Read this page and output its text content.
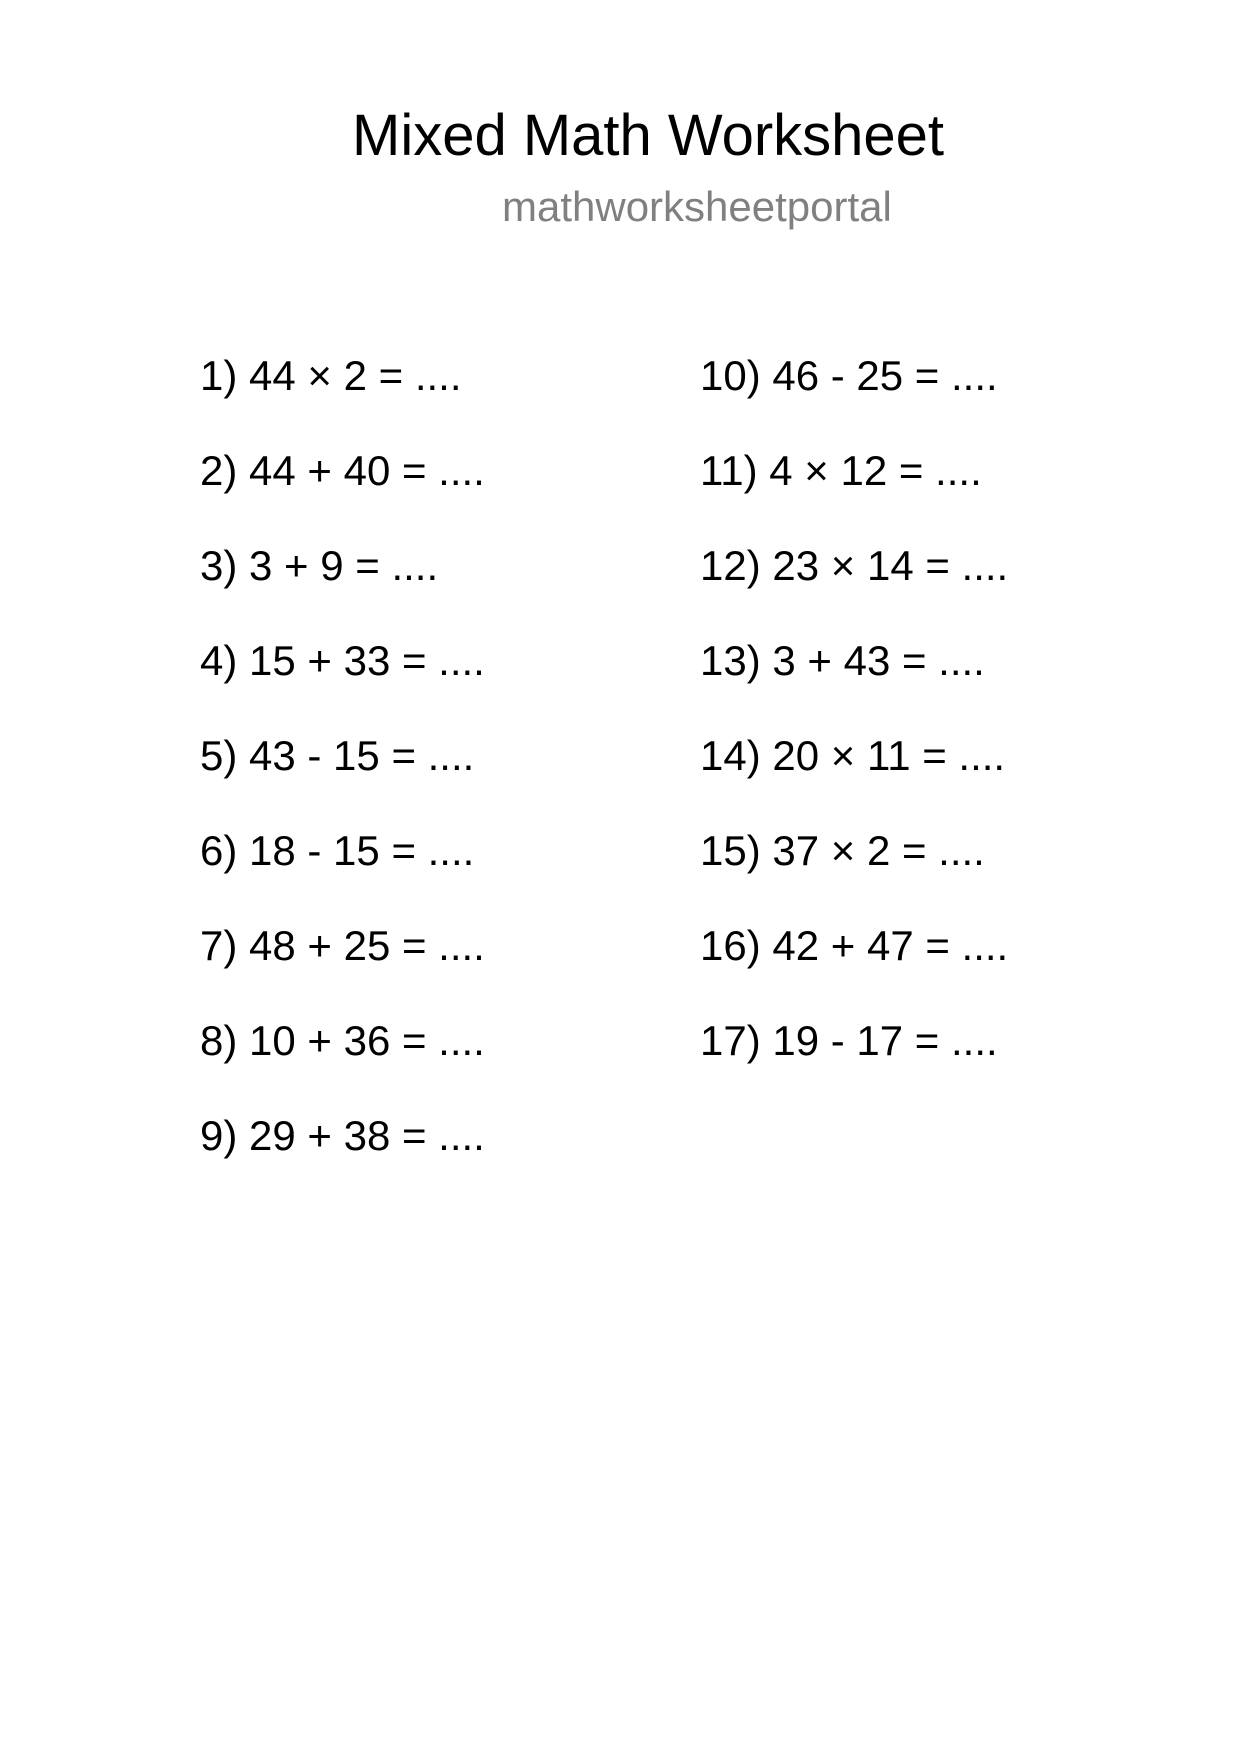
Mixed Math Worksheet
mathworksheetportal
1) 44 × 2 = ....
2) 44 + 40 = ....
3) 3 + 9 = ....
4) 15 + 33 = ....
5) 43 - 15 = ....
6) 18 - 15 = ....
7) 48 + 25 = ....
8) 10 + 36 = ....
9) 29 + 38 = ....
10) 46 - 25 = ....
11) 4 × 12 = ....
12) 23 × 14 = ....
13) 3 + 43 = ....
14) 20 × 11 = ....
15) 37 × 2 = ....
16) 42 + 47 = ....
17) 19 - 17 = ....
